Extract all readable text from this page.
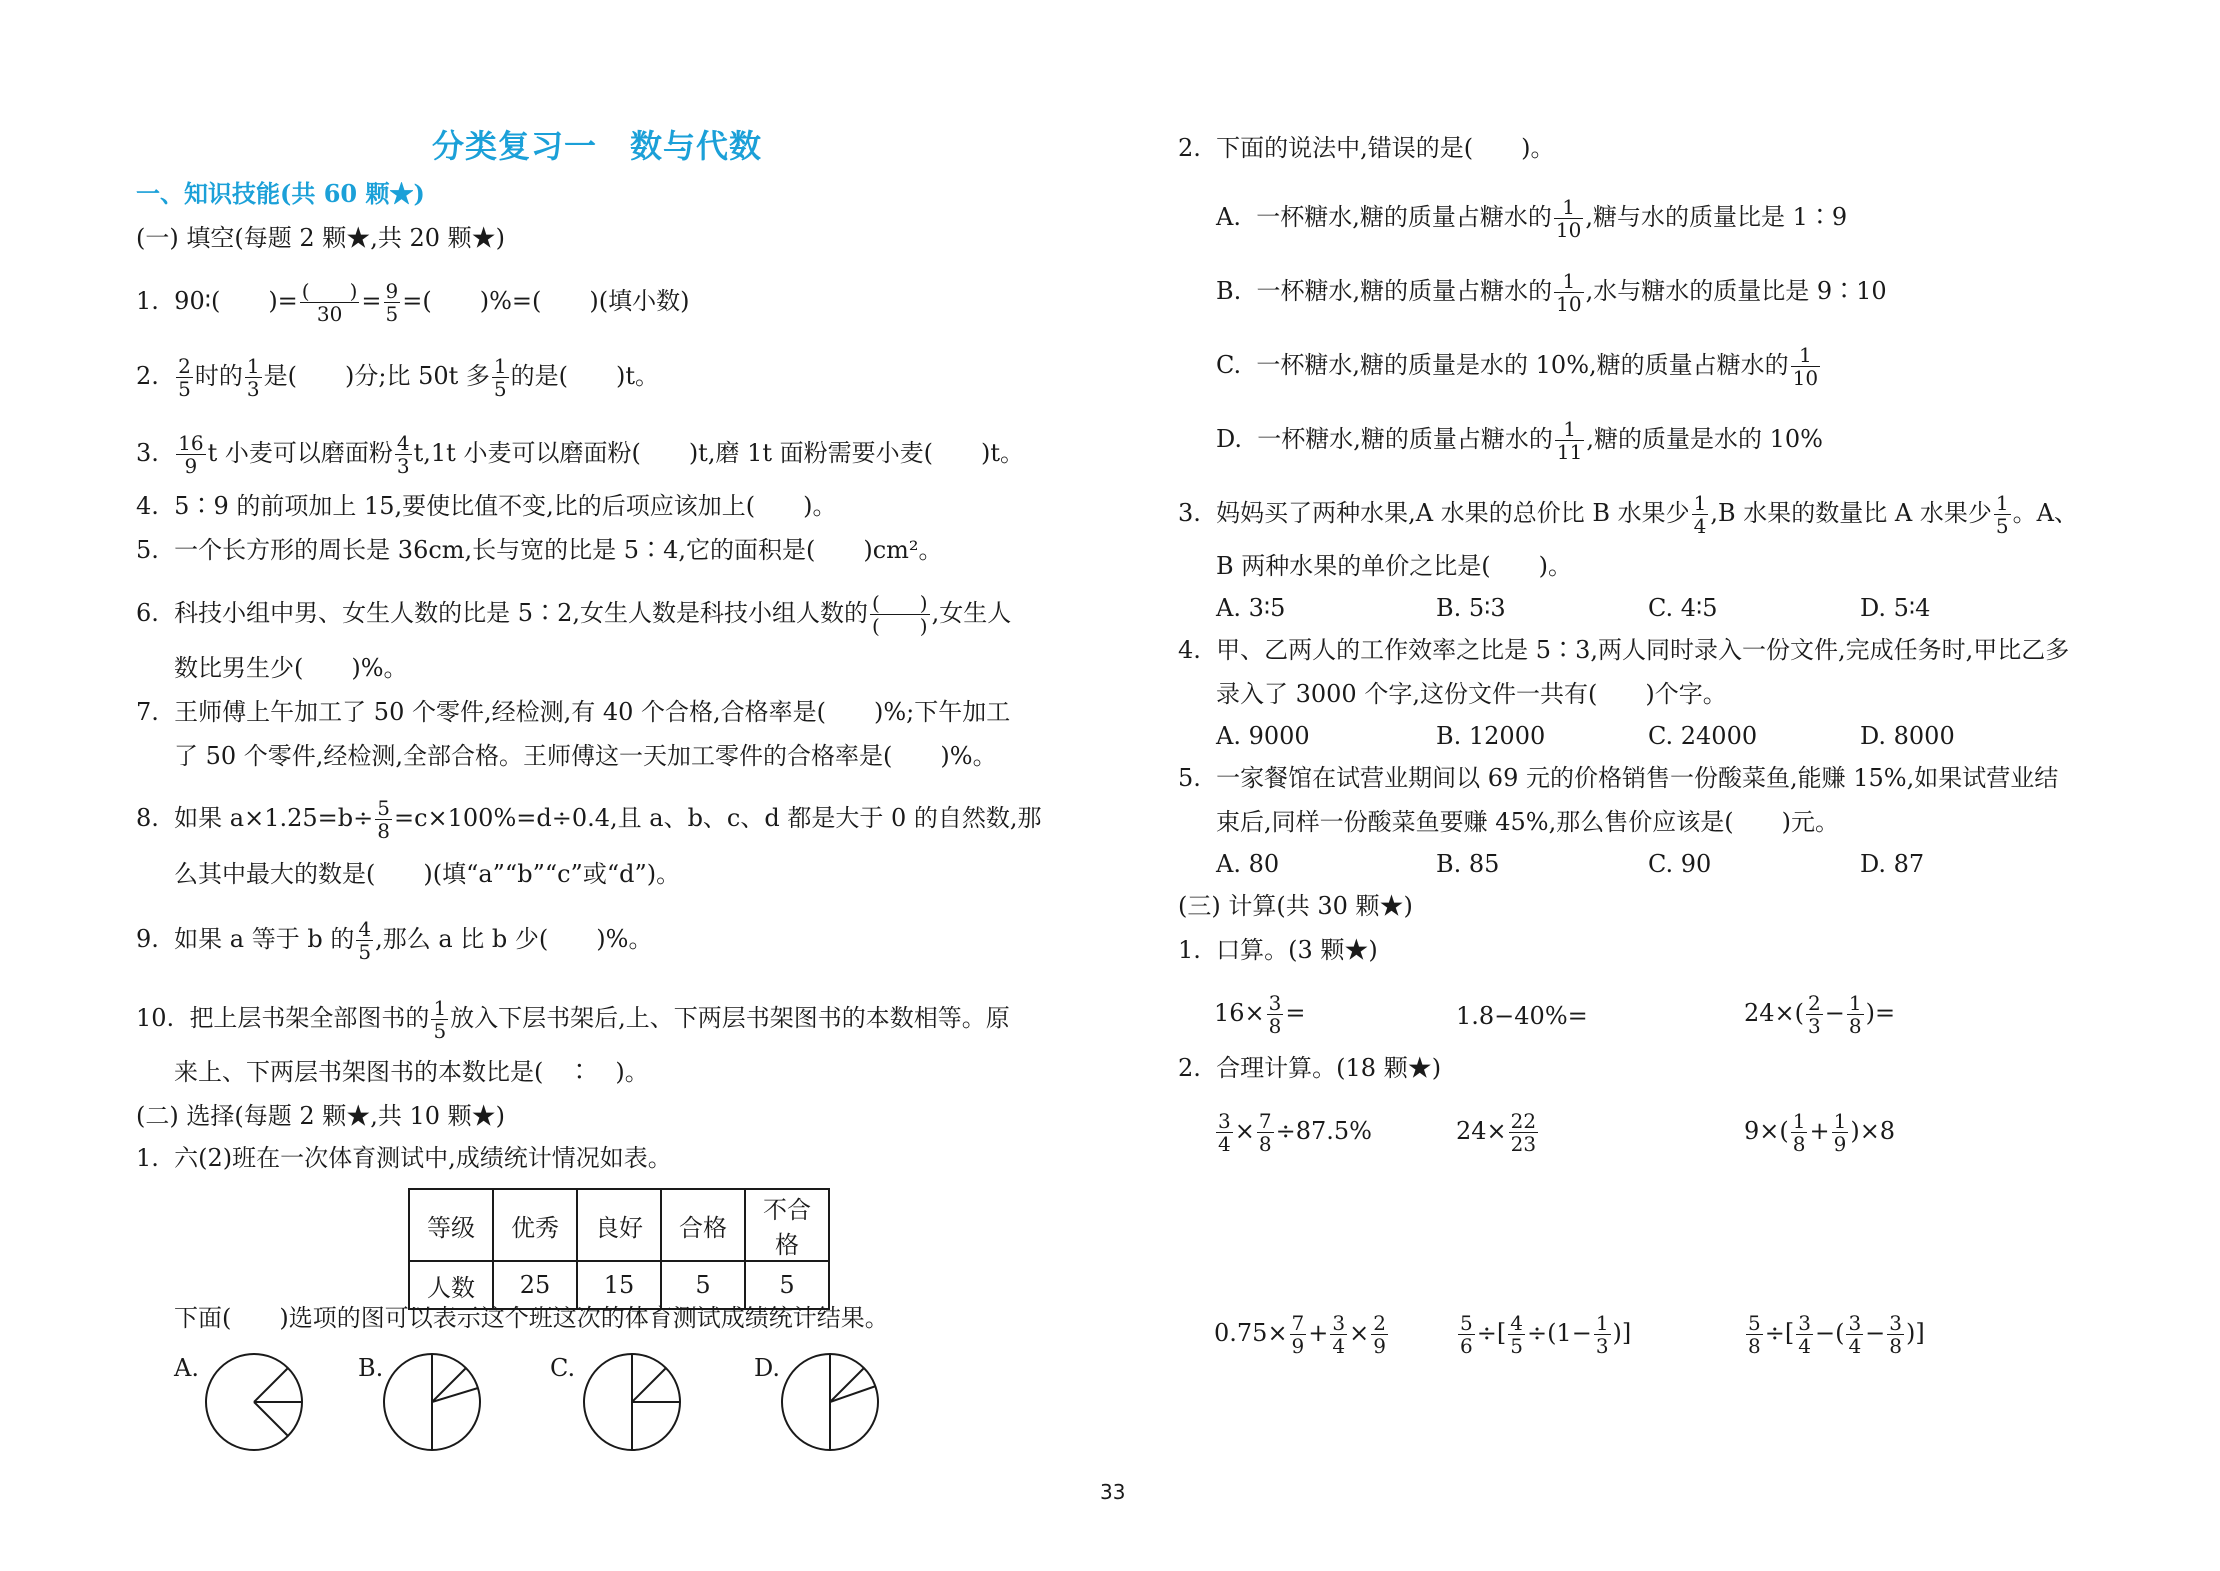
分类复习一　数与代数
一、知识技能(共 60 颗★)
(一) 填空(每题 2 颗★,共 20 颗★)
1. 90∶(　　)= $\frac{( )}{30} = \frac{9}{5}$ =(　　)%=(　　)(填小数)
2. $\frac{2}{5}$ 时的 $\frac{1}{3}$ 是(　　)分;比 50t 多 $\frac{1}{5}$ 的是(　　)t。
3. $\frac{16}{9}$ t 小麦可以磨面粉 $\frac{4}{3} t,1t$ 小麦可以磨面粉(　　)t,磨 1t 面粉需要小麦(　　)t。
4. 5∶9 的前项加上 15,要使比值不变,比的后项应该加上(　　)。
5. 一个长方形的周长是 36cm,长与宽的比是 5∶4,它的面积是(　　)cm²。
6. 科技小组中男、女生人数的比是 5∶2,女生人数是科技小组人数的 $\frac{( )}{( )}$ ,女生人
数比男生少(　　)%。
7. 王师傅上午加工了 50 个零件,经检测,有 40 个合格,合格率是(　　)%;下午加工
了 50 个零件,经检测,全部合格。王师傅这一天加工零件的合格率是(　　)%。
8. 如果 $a\times 1.25=b\div \frac{5}{8} =c\times 100\%=d\div 0.4$,且 a、b、c、d 都是大于 0 的自然数,那
么其中最大的数是(　　)(填“a”“b”“c”或“d”)。
9. 如果 a 等于 b 的 $\frac{4}{5}$ ,那么 a 比 b 少(　　)%。
10. 把上层书架全部图书的 $\frac{1}{5}$ 放入下层书架后,上、下两层书架图书的本数相等。原
来上、下两层书架图书的本数比是(　∶　)。
(二) 选择(每题 2 颗★,共 10 颗★)
1. 六(2)班在一次体育测试中,成绩统计情况如表。
等级	优秀	良好	合格	不合格
人数	25	15	5	5
下面(　　)选项的图可以表示这个班这次的体育测试成绩统计结果。
A.	B.	C.	D.
2. 下面的说法中,错误的是(　　)。
A. 一杯糖水,糖的质量占糖水的 $\frac{1}{10}$ ,糖与水的质量比是 1∶9
B. 一杯糖水,糖的质量占糖水的 $\frac{1}{10}$ ,水与糖水的质量比是 9∶10
C. 一杯糖水,糖的质量是水的 10%,糖的质量占糖水的 $\frac{1}{10}$
D. 一杯糖水,糖的质量占糖水的 $\frac{1}{11}$ ,糖的质量是水的 10%
3. 妈妈买了两种水果,A 水果的总价比 B 水果少 $\frac{1}{4} ,B$ 水果的数量比 A 水果少 $\frac{1}{5}$ 。A、
B 两种水果的单价之比是(　　)。
A. 3∶5	B. 5∶3	C. 4∶5	D. 5∶4
4. 甲、乙两人的工作效率之比是 5∶3,两人同时录入一份文件,完成任务时,甲比乙多
录入了 3000 个字,这份文件一共有(　　)个字。
A. 9000	B. 12000	C. 24000	D. 8000
5. 一家餐馆在试营业期间以 69 元的价格销售一份酸菜鱼,能赚 15%,如果试营业结
束后,同样一份酸菜鱼要赚 45%,那么售价应该是(　　)元。
A. 80	B. 85	C. 90	D. 87
(三) 计算(共 30 颗★)
1. 口算。(3 颗★)
$16\times \frac{3}{8}$ =	1.8−40%=	$24\times( \frac{2}{3} - \frac{1}{8}$ )=
2. 合理计算。(18 颗★)
$\frac{3}{4} \times \frac{7}{8} \div 87.5\%$	$24\times \frac{22}{23}$	$9\times( \frac{1}{8} + \frac{1}{9} )\times 8$
$0.75\times \frac{7}{9} + \frac{3}{4} \times \frac{2}{9}$	$\frac{5}{6}$ ÷[ $\frac{4}{5} \div(1- \frac{1}{3}$ )]	$\frac{5}{8}$ ÷[ $\frac{3}{4}$ −( $\frac{3}{4} - \frac{3}{8}$ )]
33
